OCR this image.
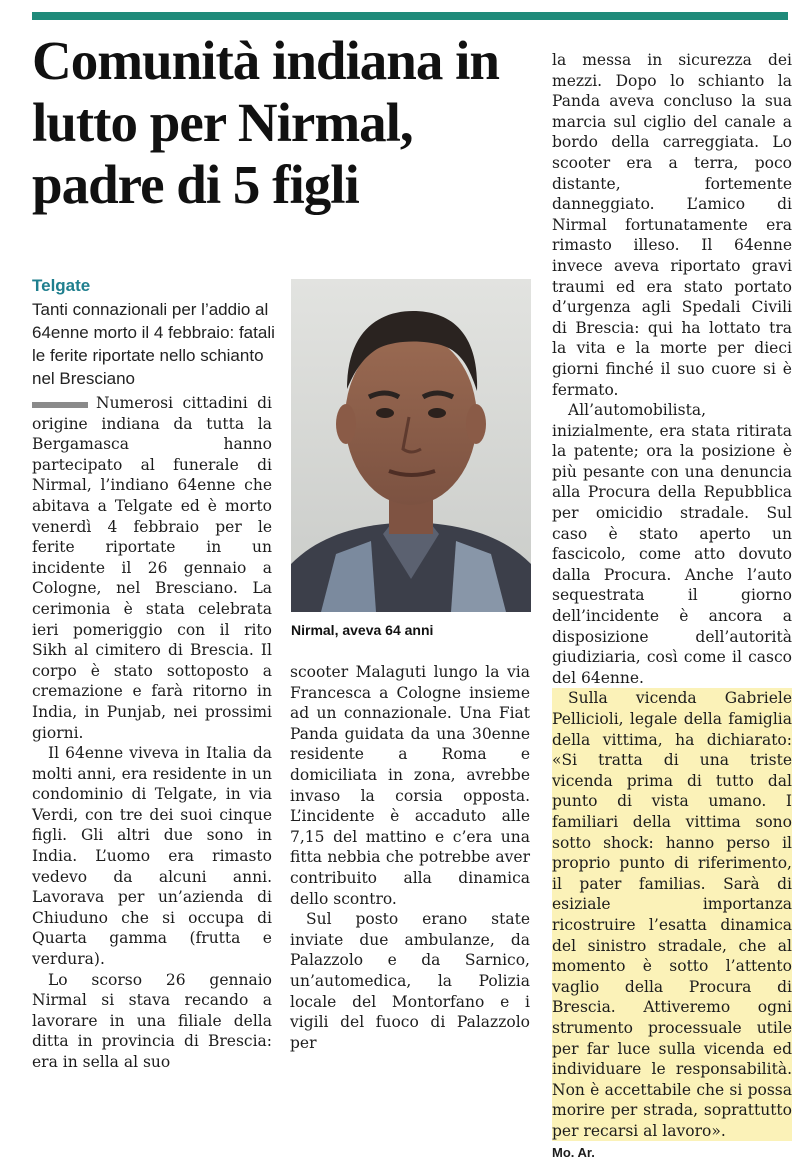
Comunità indiana in lutto per Nirmal, padre di 5 figli
Telgate
Tanti connazionali per l’addio al 64enne morto il 4 febbraio: fatali le ferite riportate nello schianto nel Bresciano

Numerosi cittadini di origine indiana da tutta la Bergamasca hanno partecipato al funerale di Nirmal, l’indiano 64enne che abitava a Telgate ed è morto venerdì 4 febbraio per le ferite riportate in un incidente il 26 gennaio a Cologne, nel Bresciano. La cerimonia è stata celebrata ieri pomeriggio con il rito Sikh al cimitero di Brescia. Il corpo è stato sottoposto a cremazione e farà ritorno in India, in Punjab, nei prossimi giorni.

Il 64enne viveva in Italia da molti anni, era residente in un condominio di Telgate, in via Verdi, con tre dei suoi cinque figli. Gli altri due sono in India. L’uomo era rimasto vedevo da alcuni anni. Lavorava per un’azienda di Chiuduno che si occupa di Quarta gamma (frutta e verdura).

Lo scorso 26 gennaio Nirmal si stava recando a lavorare in una filiale della ditta in provincia di Brescia: era in sella al suo

Nirmal, aveva 64 anni

scooter Malaguti lungo la via Francesca a Cologne insieme ad un connazionale. Una Fiat Panda guidata da una 30enne residente a Roma e domiciliata in zona, avrebbe invaso la corsia opposta. L’incidente è accaduto alle 7,15 del mattino e c’era una fitta nebbia che potrebbe aver contribuito alla dinamica dello scontro.

Sul posto erano state inviate due ambulanze, da Palazzolo e da Sarnico, un’automedica, la Polizia locale del Montorfano e i vigili del fuoco di Palazzolo per

la messa in sicurezza dei mezzi. Dopo lo schianto la Panda aveva concluso la sua marcia sul ciglio del canale a bordo della carreggiata. Lo scooter era a terra, poco distante, fortemente danneggiato. L’amico di Nirmal fortunatamente era rimasto illeso. Il 64enne invece aveva riportato gravi traumi ed era stato portato d’urgenza agli Spedali Civili di Brescia: qui ha lottato tra la vita e la morte per dieci giorni finché il suo cuore si è fermato.

All’automobilista, inizialmente, era stata ritirata la patente; ora la posizione è più pesante con una denuncia alla Procura della Repubblica per omicidio stradale. Sul caso è stato aperto un fascicolo, come atto dovuto dalla Procura. Anche l’auto sequestrata il giorno dell’incidente è ancora a disposizione dell’autorità giudiziaria, così come il casco del 64enne.

Sulla vicenda Gabriele Pellicioli, legale della famiglia della vittima, ha dichiarato: «Si tratta di una triste vicenda prima di tutto dal punto di vista umano. I familiari della vittima sono sotto shock: hanno perso il proprio punto di riferimento, il pater familias. Sarà di esiziale importanza ricostruire l’esatta dinamica del sinistro stradale, che al momento è sotto l’attento vaglio della Procura di Brescia. Attiveremo ogni strumento processuale utile per far luce sulla vicenda ed individuare le responsabilità. Non è accettabile che si possa morire per strada, soprattutto per recarsi al lavoro».

Mo. Ar.
